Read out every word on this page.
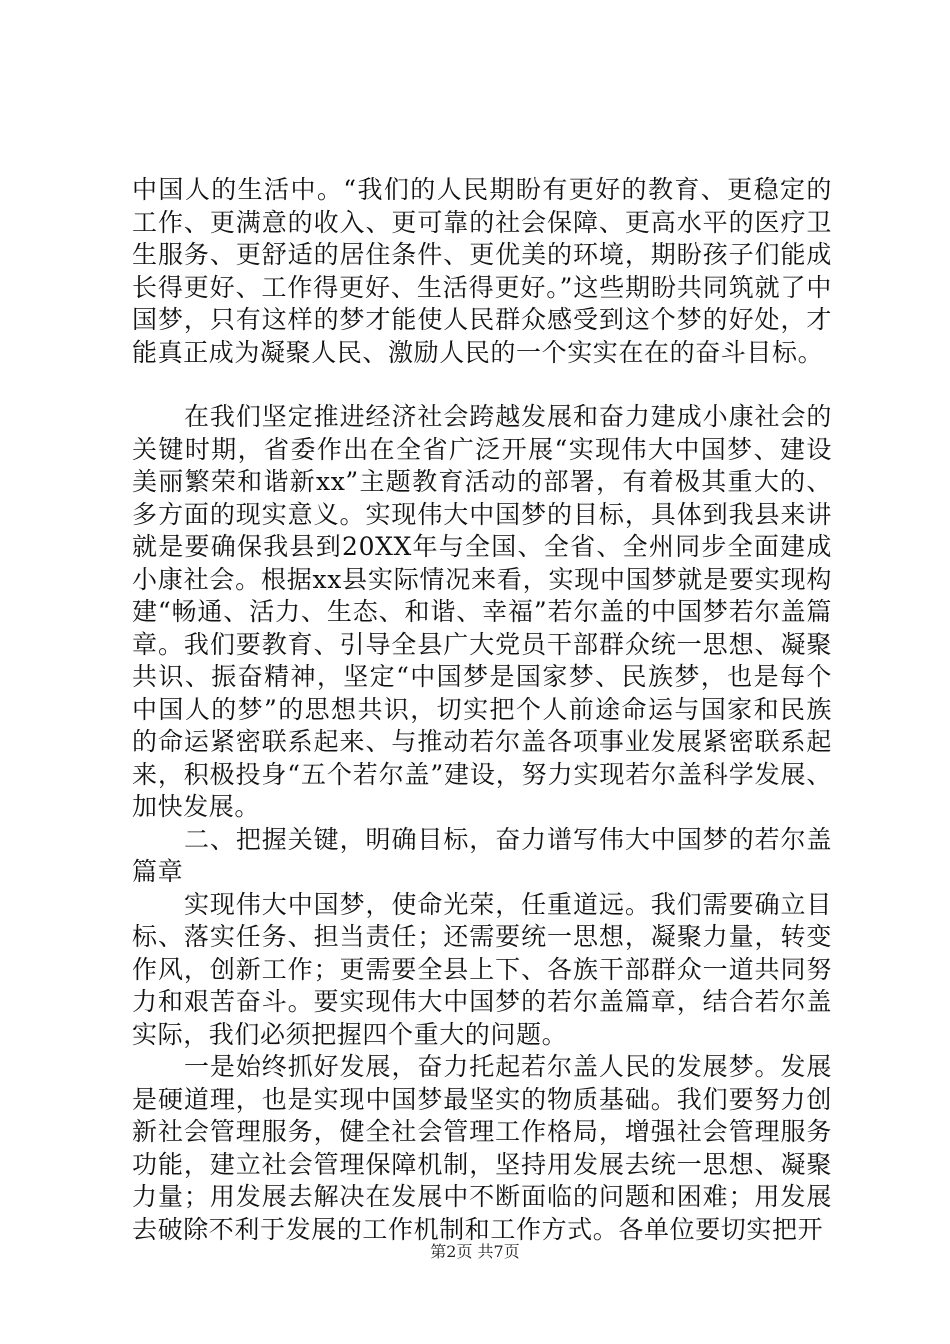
中国人的生活中。“我们的人民期盼有更好的教育、更稳定的工作、更满意的收入、更可靠的社会保障、更高水平的医疗卫生服务、更舒适的居住条件、更优美的环境，期盼孩子们能成长得更好、工作得更好、生活得更好。”这些期盼共同筑就了中国梦，只有这样的梦才能使人民群众感受到这个梦的好处，才能真正成为凝聚人民、激励人民的一个实实在在的奋斗目标。

在我们坚定推进经济社会跨越发展和奋力建成小康社会的关键时期，省委作出在全省广泛开展“实现伟大中国梦、建设美丽繁荣和谐新xx”主题教育活动的部署，有着极其重大的、多方面的现实意义。实现伟大中国梦的目标，具体到我县来讲就是要确保我县到20XX年与全国、全省、全州同步全面建成小康社会。根据xx县实际情况来看，实现中国梦就是要实现构建“畅通、活力、生态、和谐、幸福”若尔盖的中国梦若尔盖篇章。我们要教育、引导全县广大党员干部群众统一思想、凝聚共识、振奋精神，坚定“中国梦是国家梦、民族梦，也是每个中国人的梦”的思想共识，切实把个人前途命运与国家和民族的命运紧密联系起来、与推动若尔盖各项事业发展紧密联系起来，积极投身“五个若尔盖”建设，努力实现若尔盖科学发展、加快发展。

二、把握关键，明确目标，奋力谱写伟大中国梦的若尔盖篇章

实现伟大中国梦，使命光荣，任重道远。我们需要确立目标、落实任务、担当责任；还需要统一思想，凝聚力量，转变作风，创新工作；更需要全县上下、各族干部群众一道共同努力和艰苦奋斗。要实现伟大中国梦的若尔盖篇章，结合若尔盖实际，我们必须把握四个重大的问题。

一是始终抓好发展，奋力托起若尔盖人民的发展梦。发展是硬道理，也是实现中国梦最坚实的物质基础。我们要努力创新社会管理服务，健全社会管理工作格局，增强社会管理服务功能，建立社会管理保障机制，坚持用发展去统一思想、凝聚力量；用发展去解决在发展中不断面临的问题和困难；用发展去破除不利于发展的工作机制和工作方式。各单位要切实把开

第2页 共7页
